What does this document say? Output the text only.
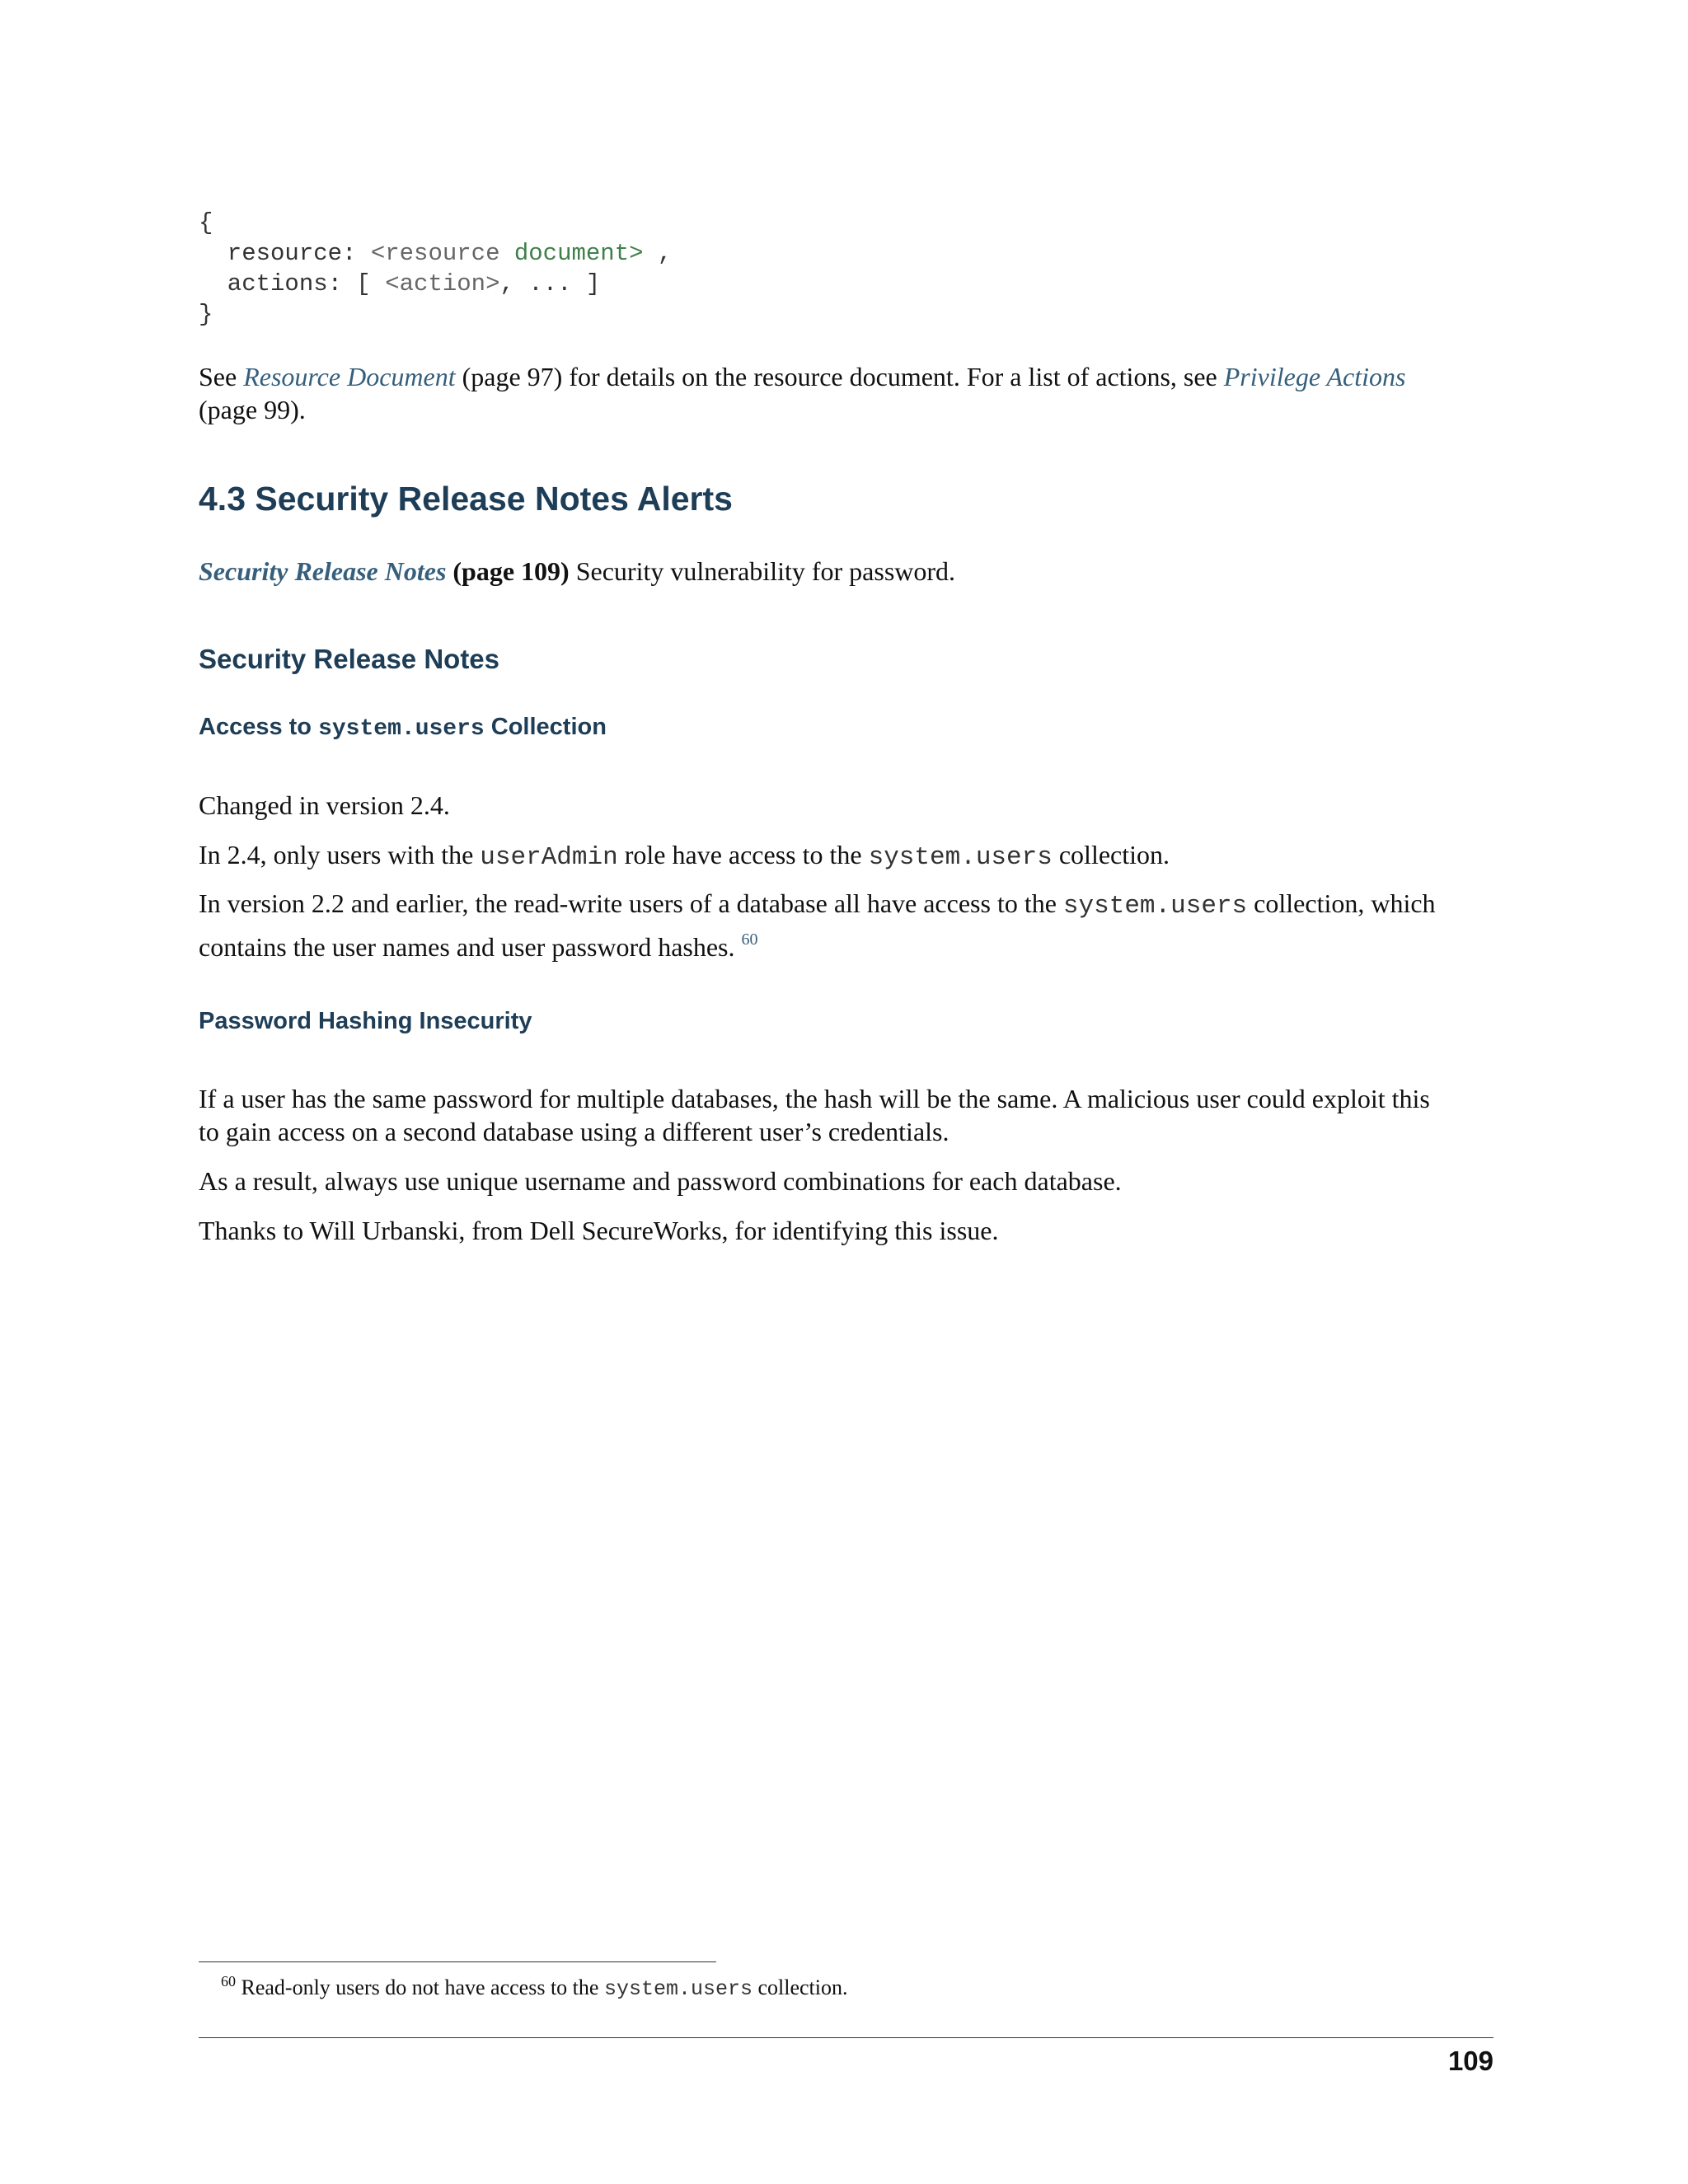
{
resource: <resource document> ,
actions: [ <action>, ... ]
}

See Resource Document (page 97) for details on the resource document. For a list of actions, see Privilege Actions
(page 99).

4.3 Security Release Notes Alerts

Security Release Notes (page 109) Security vulnerability for password.

Security Release Notes
Access to system.users Collection

Changed in version 2.4.

In 2.4, only users with the userAdmin role have access to the system.users collection.

In version 2.2 and earlier, the read-write users of a database all have access to the system.users collection, which
contains the user names and user password hashes. $^{60}$

Password Hashing Insecurity

If a user has the same password for multiple databases, the hash will be the same. A malicious user could exploit this
to gain access on a second database using a different user’s credentials.

As a result, always use unique username and password combinations for each database.

Thanks to Will Urbanski, from Dell SecureWorks, for identifying this issue.

$^{60}$ Read-only users do not have access to the system.users collection.

109
